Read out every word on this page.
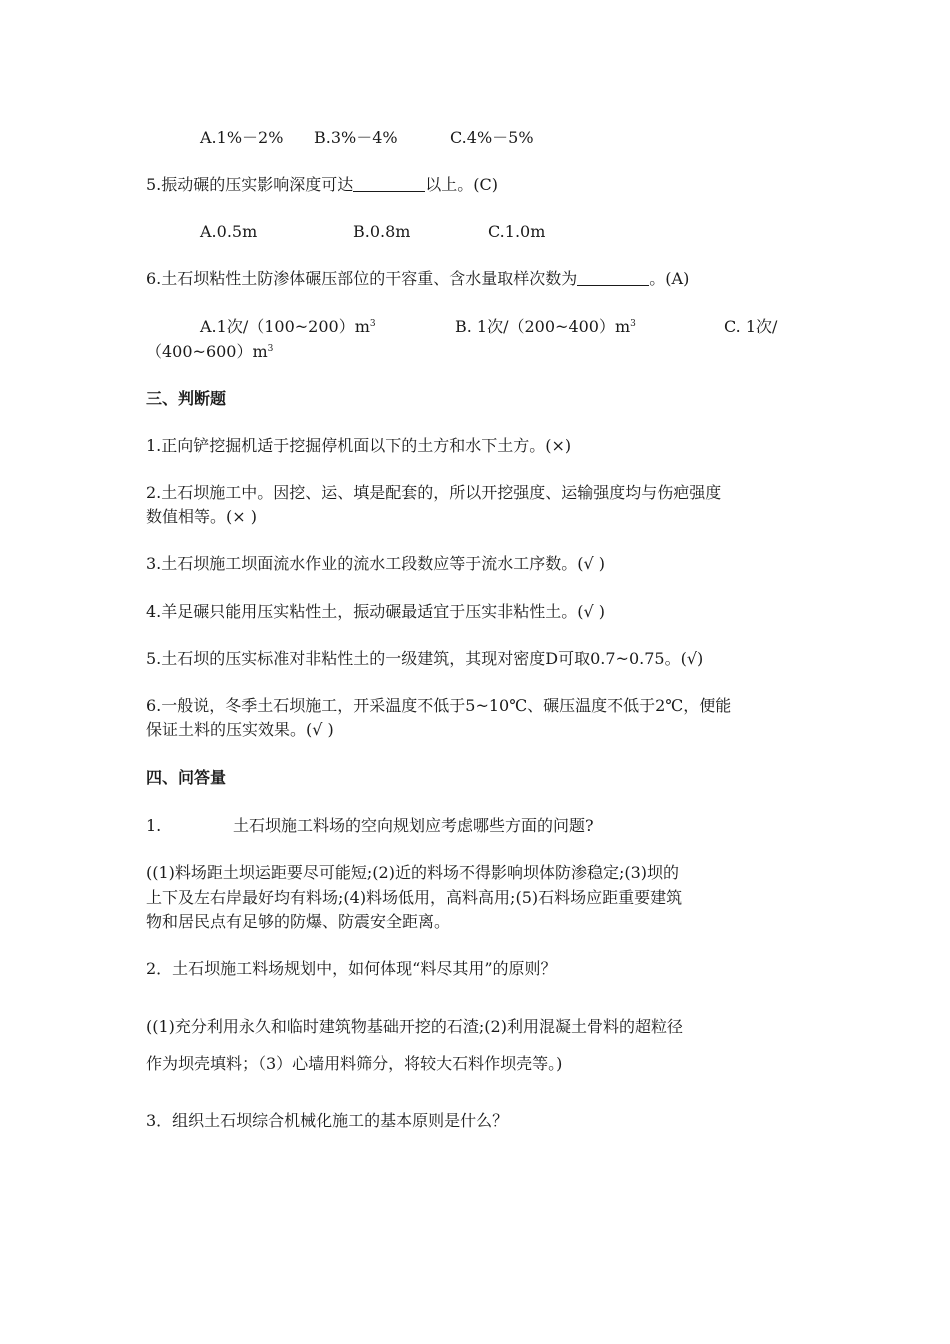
A.1%－2% B.3%－4%	C.4%－5%
5.振动碾的压实影响深度可达	以上。(C)
A.0.5m	B.0.8m	C.1.0m
6.土石坝粘性土防渗体碾压部位的干容重、含水量取样次数为	。(A)
A.1次$/(100\sim 200)m^3$	B. 1次$/(200\sim 400)m^3$	C. 1次/
$(400\sim 600)m^3$
三、判断题
1.正向铲挖掘机适于挖掘停机面以下的土方和水下土方。(×)
2.土石坝施工中。因挖、运、填是配套的，所以开挖强度、运输强度均与伤疤强度
数值相等。(× )
3.土石坝施工坝面流水作业的流水工段数应等于流水工序数。(√ )
4.羊足碾只能用压实粘性土，振动碾最适宜于压实非粘性土。(√ )
5.土石坝的压实标准对非粘性土的一级建筑，其现对密度D可取0.7~0.75。(√)
6.一般说，冬季土石坝施工，开采温度不低于5~10℃、碾压温度不低于2℃，便能
保证土料的压实效果。(√ )
四、问答量
1.	土石坝施工料场的空向规划应考虑哪些方面的问题?
((1)料场距土坝运距要尽可能短;(2)近的料场不得影响坝体防渗稳定;(3)坝的
上下及左右岸最好均有料场;(4)料场低用，高料高用;(5)石料场应距重要建筑
物和居民点有足够的防爆、防震安全距离。
2．土石坝施工料场规划中，如何体现“料尽其用”的原则？
((1)充分利用永久和临时建筑物基础开挖的石渣;(2)利用混凝土骨料的超粒径
作为坝壳填料；（3）心墙用料筛分，将较大石料作坝壳等。)
3．组织土石坝综合机械化施工的基本原则是什么？
